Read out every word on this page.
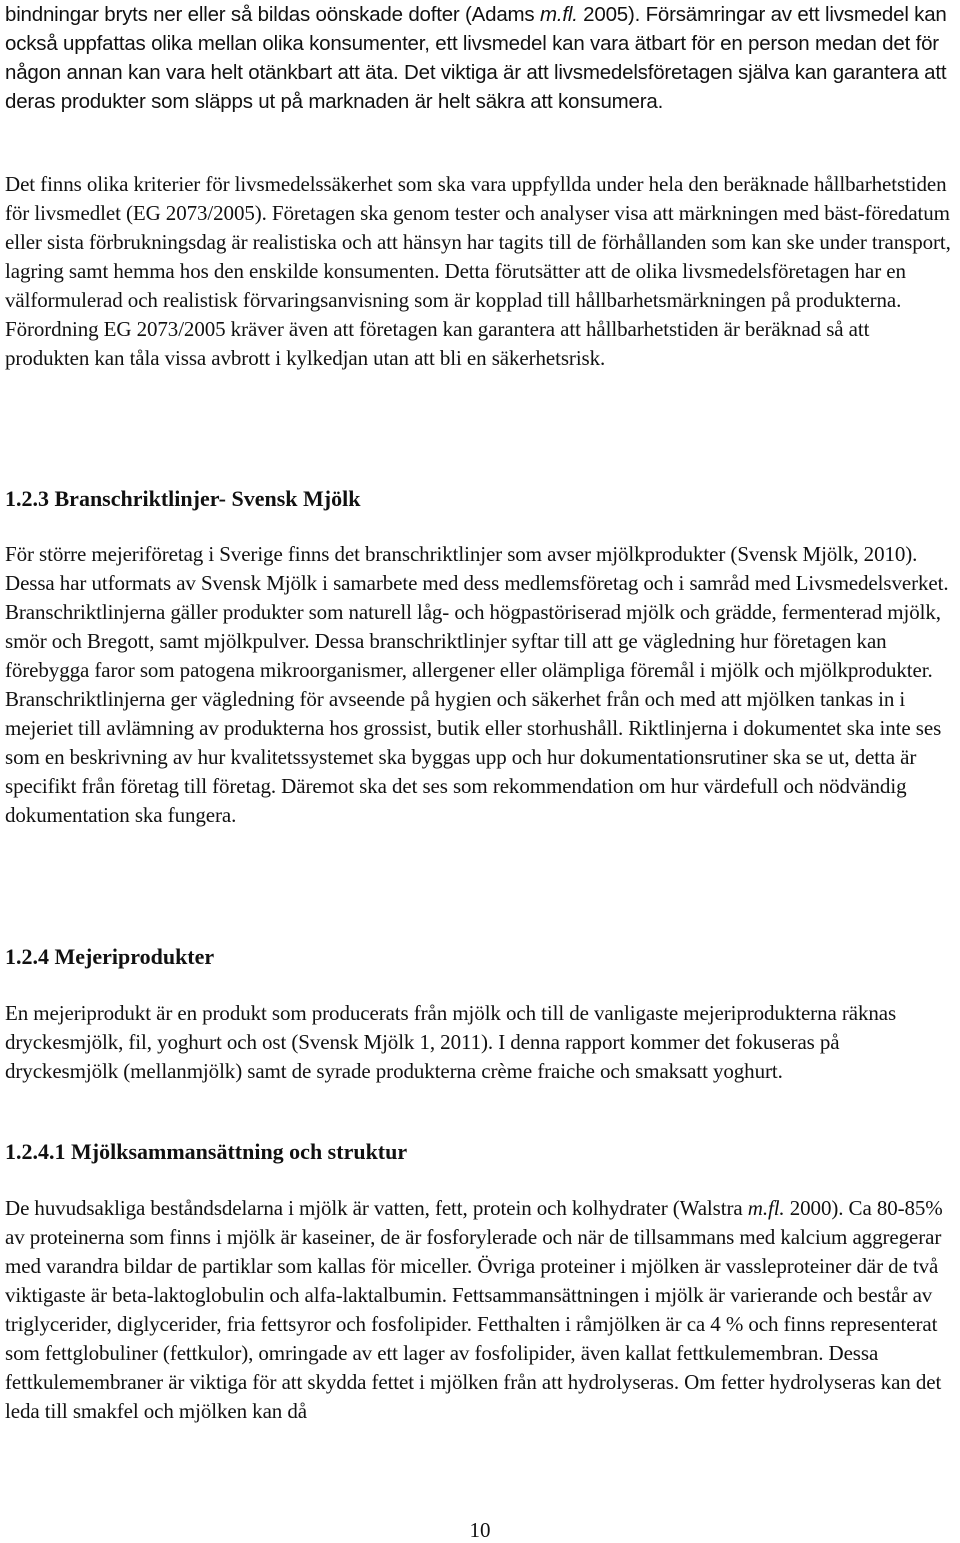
bindningar bryts ner eller så bildas oönskade dofter (Adams m.fl. 2005). Försämringar av ett livsmedel kan också uppfattas olika mellan olika konsumenter, ett livsmedel kan vara ätbart för en person medan det för någon annan kan vara helt otänkbart att äta. Det viktiga är att livsmedelsföretagen själva kan garantera att deras produkter som släpps ut på marknaden är helt säkra att konsumera.

Det finns olika kriterier för livsmedelssäkerhet som ska vara uppfyllda under hela den beräknade hållbarhetstiden för livsmedlet (EG 2073/2005). Företagen ska genom tester och analyser visa att märkningen med bäst-föredatum eller sista förbrukningsdag är realistiska och att hänsyn har tagits till de förhållanden som kan ske under transport, lagring samt hemma hos den enskilde konsumenten. Detta förutsätter att de olika livsmedelsföretagen har en välformulerad och realistisk förvaringsanvisning som är kopplad till hållbarhetsmärkningen på produkterna. Förordning EG 2073/2005 kräver även att företagen kan garantera att hållbarhetstiden är beräknad så att produkten kan tåla vissa avbrott i kylkedjan utan att bli en säkerhetsrisk.

1.2.3 Branschriktlinjer- Svensk Mjölk

För större mejeriföretag i Sverige finns det branschriktlinjer som avser mjölkprodukter (Svensk Mjölk, 2010). Dessa har utformats av Svensk Mjölk i samarbete med dess medlemsföretag och i samråd med Livsmedelsverket. Branschriktlinjerna gäller produkter som naturell låg- och högpastöriserad mjölk och grädde, fermenterad mjölk, smör och Bregott, samt mjölkpulver. Dessa branschriktlinjer syftar till att ge vägledning hur företagen kan förebygga faror som patogena mikroorganismer, allergener eller olämpliga föremål i mjölk och mjölkprodukter. Branschriktlinjerna ger vägledning för avseende på hygien och säkerhet från och med att mjölken tankas in i mejeriet till avlämning av produkterna hos grossist, butik eller storhushåll. Riktlinjerna i dokumentet ska inte ses som en beskrivning av hur kvalitetssystemet ska byggas upp och hur dokumentationsrutiner ska se ut, detta är specifikt från företag till företag. Däremot ska det ses som rekommendation om hur värdefull och nödvändig dokumentation ska fungera.

1.2.4 Mejeriprodukter

En mejeriprodukt är en produkt som producerats från mjölk och till de vanligaste mejeriprodukterna räknas dryckesmjölk, fil, yoghurt och ost (Svensk Mjölk 1, 2011). I denna rapport kommer det fokuseras på dryckesmjölk (mellanmjölk) samt de syrade produkterna crème fraiche och smaksatt yoghurt.

1.2.4.1 Mjölksammansättning och struktur

De huvudsakliga beståndsdelarna i mjölk är vatten, fett, protein och kolhydrater (Walstra m.fl. 2000). Ca 80-85% av proteinerna som finns i mjölk är kaseiner, de är fosforylerade och när de tillsammans med kalcium aggregerar med varandra bildar de partiklar som kallas för miceller. Övriga proteiner i mjölken är vassleproteiner där de två viktigaste är beta-laktoglobulin och alfa-laktalbumin. Fettsammansättningen i mjölk är varierande och består av triglycerider, diglycerider, fria fettsyror och fosfolipider. Fetthalten i råmjölken är ca 4 % och finns representerat som fettglobuliner (fettkulor), omringade av ett lager av fosfolipider, även kallat fettkulemembran. Dessa fettkulemembraner är viktiga för att skydda fettet i mjölken från att hydrolyseras. Om fetter hydrolyseras kan det leda till smakfel och mjölken kan då

10
